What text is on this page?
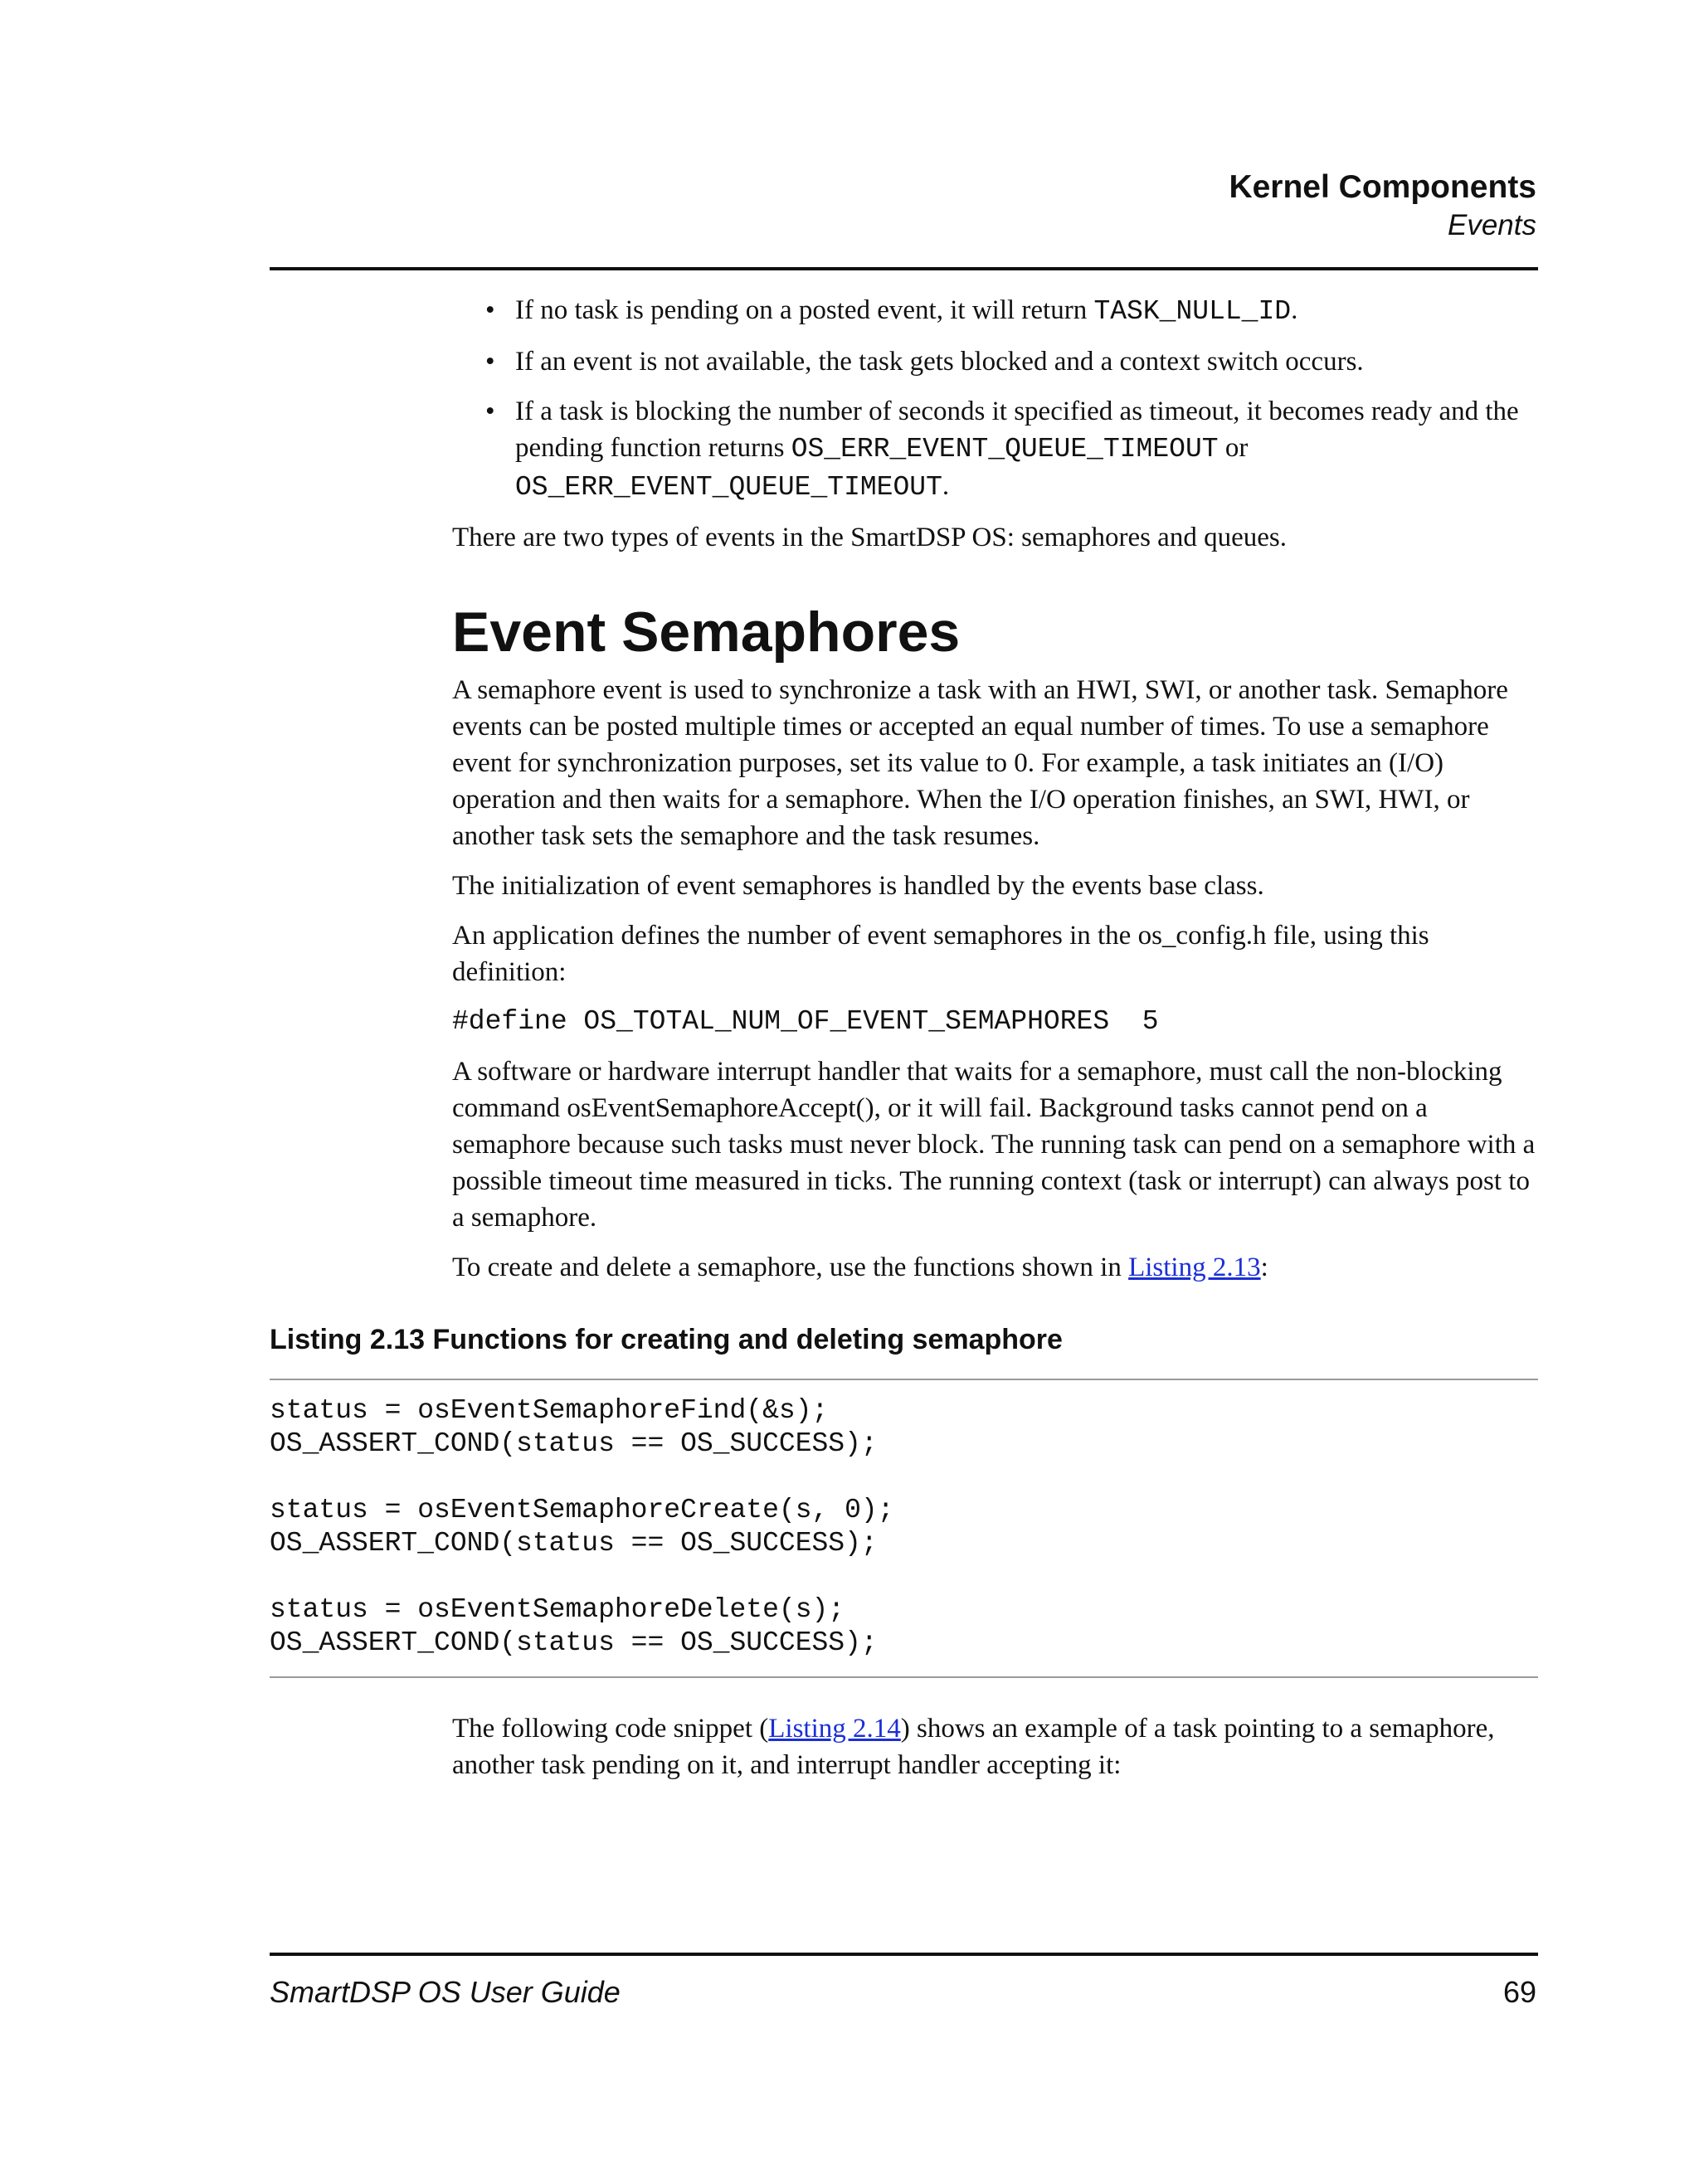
Kernel Components
Events
• If no task is pending on a posted event, it will return TASK_NULL_ID.
• If an event is not available, the task gets blocked and a context switch occurs.
• If a task is blocking the number of seconds it specified as timeout, it becomes ready and the pending function returns OS_ERR_EVENT_QUEUE_TIMEOUT or OS_ERR_EVENT_QUEUE_TIMEOUT.

There are two types of events in the SmartDSP OS: semaphores and queues.

Event Semaphores

A semaphore event is used to synchronize a task with an HWI, SWI, or another task. Semaphore events can be posted multiple times or accepted an equal number of times. To use a semaphore event for synchronization purposes, set its value to 0. For example, a task initiates an (I/O) operation and then waits for a semaphore. When the I/O operation finishes, an SWI, HWI, or another task sets the semaphore and the task resumes.

The initialization of event semaphores is handled by the events base class.

An application defines the number of event semaphores in the os_config.h file, using this definition:

#define OS_TOTAL_NUM_OF_EVENT_SEMAPHORES  5

A software or hardware interrupt handler that waits for a semaphore, must call the non-blocking command osEventSemaphoreAccept(), or it will fail. Background tasks cannot pend on a semaphore because such tasks must never block. The running task can pend on a semaphore with a possible timeout time measured in ticks. The running context (task or interrupt) can always post to a semaphore.

To create and delete a semaphore, use the functions shown in Listing 2.13:

Listing 2.13 Functions for creating and deleting semaphore
status = osEventSemaphoreFind(&s);
OS_ASSERT_COND(status == OS_SUCCESS);

status = osEventSemaphoreCreate(s, 0);
OS_ASSERT_COND(status == OS_SUCCESS);

status = osEventSemaphoreDelete(s);
OS_ASSERT_COND(status == OS_SUCCESS);

The following code snippet (Listing 2.14) shows an example of a task pointing to a semaphore, another task pending on it, and interrupt handler accepting it:

SmartDSP OS User Guide	69
